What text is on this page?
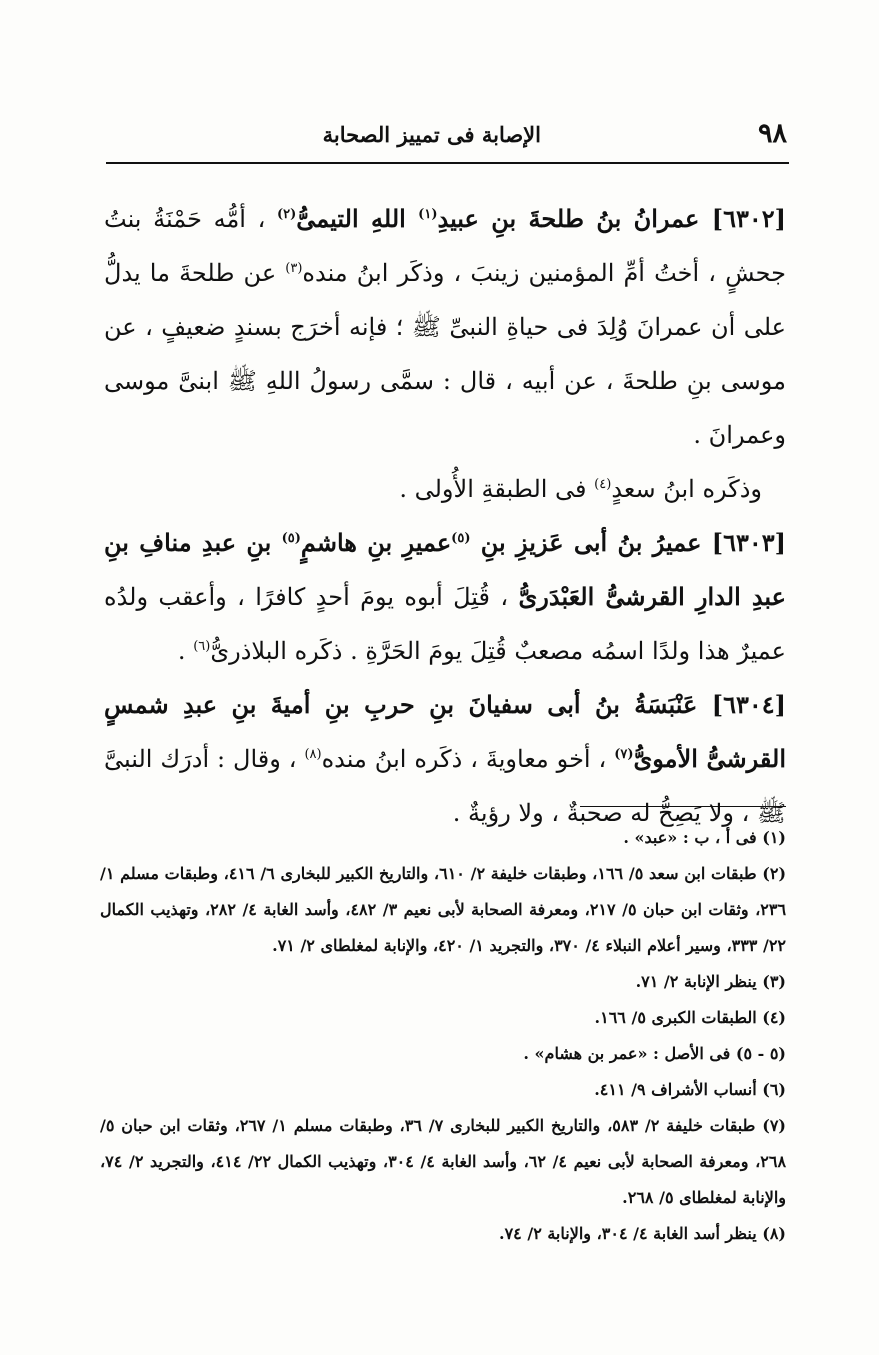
٩٨
الإصابة فى تمييز الصحابة

[٦٣٠٢] عمرانُ بنُ طلحةَ بنِ عبيدِ$^{(١)}$ اللهِ التيمىُّ$^{(٢)}$ ، أمُّه حَمْنَةُ بنتُ جحشٍ ، أختُ أمِّ المؤمنين زينبَ ، وذكَر ابنُ منده$^{(٣)}$ عن طلحةَ ما يدلُّ على أن عمرانَ وُلِدَ فى حياةِ النبىِّ ﷺ ؛ فإنه أخرَج بسندٍ ضعيفٍ ، عن موسى بنِ طلحةَ ، عن أبيه ، قال : سمَّى رسولُ اللهِ ﷺ ابنىَّ موسى وعمرانَ .

وذكَره ابنُ سعدٍ$^{(٤)}$ فى الطبقةِ الأُولى .

[٦٣٠٣] عميرُ بنُ أبى عَزيزِ بنِ $^{(٥)}$عميرِ بنِ هاشمٍ$^{(٥)}$ بنِ عبدِ منافِ بنِ عبدِ الدارِ القرشىُّ العَبْدَرىُّ ، قُتِلَ أبوه يومَ أحدٍ كافرًا ، وأعقب ولدُه عميرٌ هذا ولدًا اسمُه مصعبٌ قُتِلَ يومَ الحَرَّةِ . ذكَره البلاذرىُّ$^{(٦)}$ .

[٦٣٠٤] عَنْبَسَةُ بنُ أبى سفيانَ بنِ حربِ بنِ أميةَ بنِ عبدِ شمسٍ القرشىُّ الأموىُّ$^{(٧)}$ ، أخو معاويةَ ، ذكَره ابنُ منده$^{(٨)}$ ، وقال : أدرَك النبىَّ ﷺ ، ولا يَصِحُّ له صحبةٌ ، ولا رؤيةٌ .

(١) فى أ ، ب : «عبد» .

(٢) طبقات ابن سعد ٥/ ١٦٦، وطبقات خليفة ٢/ ٦١٠، والتاريخ الكبير للبخارى ٦/ ٤١٦، وطبقات مسلم ١/ ٢٣٦، وثقات ابن حبان ٥/ ٢١٧، ومعرفة الصحابة لأبى نعيم ٣/ ٤٨٢، وأسد الغابة ٤/ ٢٨٢، وتهذيب الكمال ٢٢/ ٣٣٣، وسير أعلام النبلاء ٤/ ٣٧٠، والتجريد ١/ ٤٢٠، والإنابة لمغلطاى ٢/ ٧١.

(٣) ينظر الإنابة ٢/ ٧١.

(٤) الطبقات الكبرى ٥/ ١٦٦.

(٥ - ٥) فى الأصل : «عمر بن هشام» .

(٦) أنساب الأشراف ٩/ ٤١١.

(٧) طبقات خليفة ٢/ ٥٨٣، والتاريخ الكبير للبخارى ٧/ ٣٦، وطبقات مسلم ١/ ٢٦٧، وثقات ابن حبان ٥/ ٢٦٨، ومعرفة الصحابة لأبى نعيم ٤/ ٦٢، وأسد الغابة ٤/ ٣٠٤، وتهذيب الكمال ٢٢/ ٤١٤، والتجريد ٢/ ٧٤، والإنابة لمغلطاى ٥/ ٢٦٨.

(٨) ينظر أسد الغابة ٤/ ٣٠٤، والإنابة ٢/ ٧٤.
